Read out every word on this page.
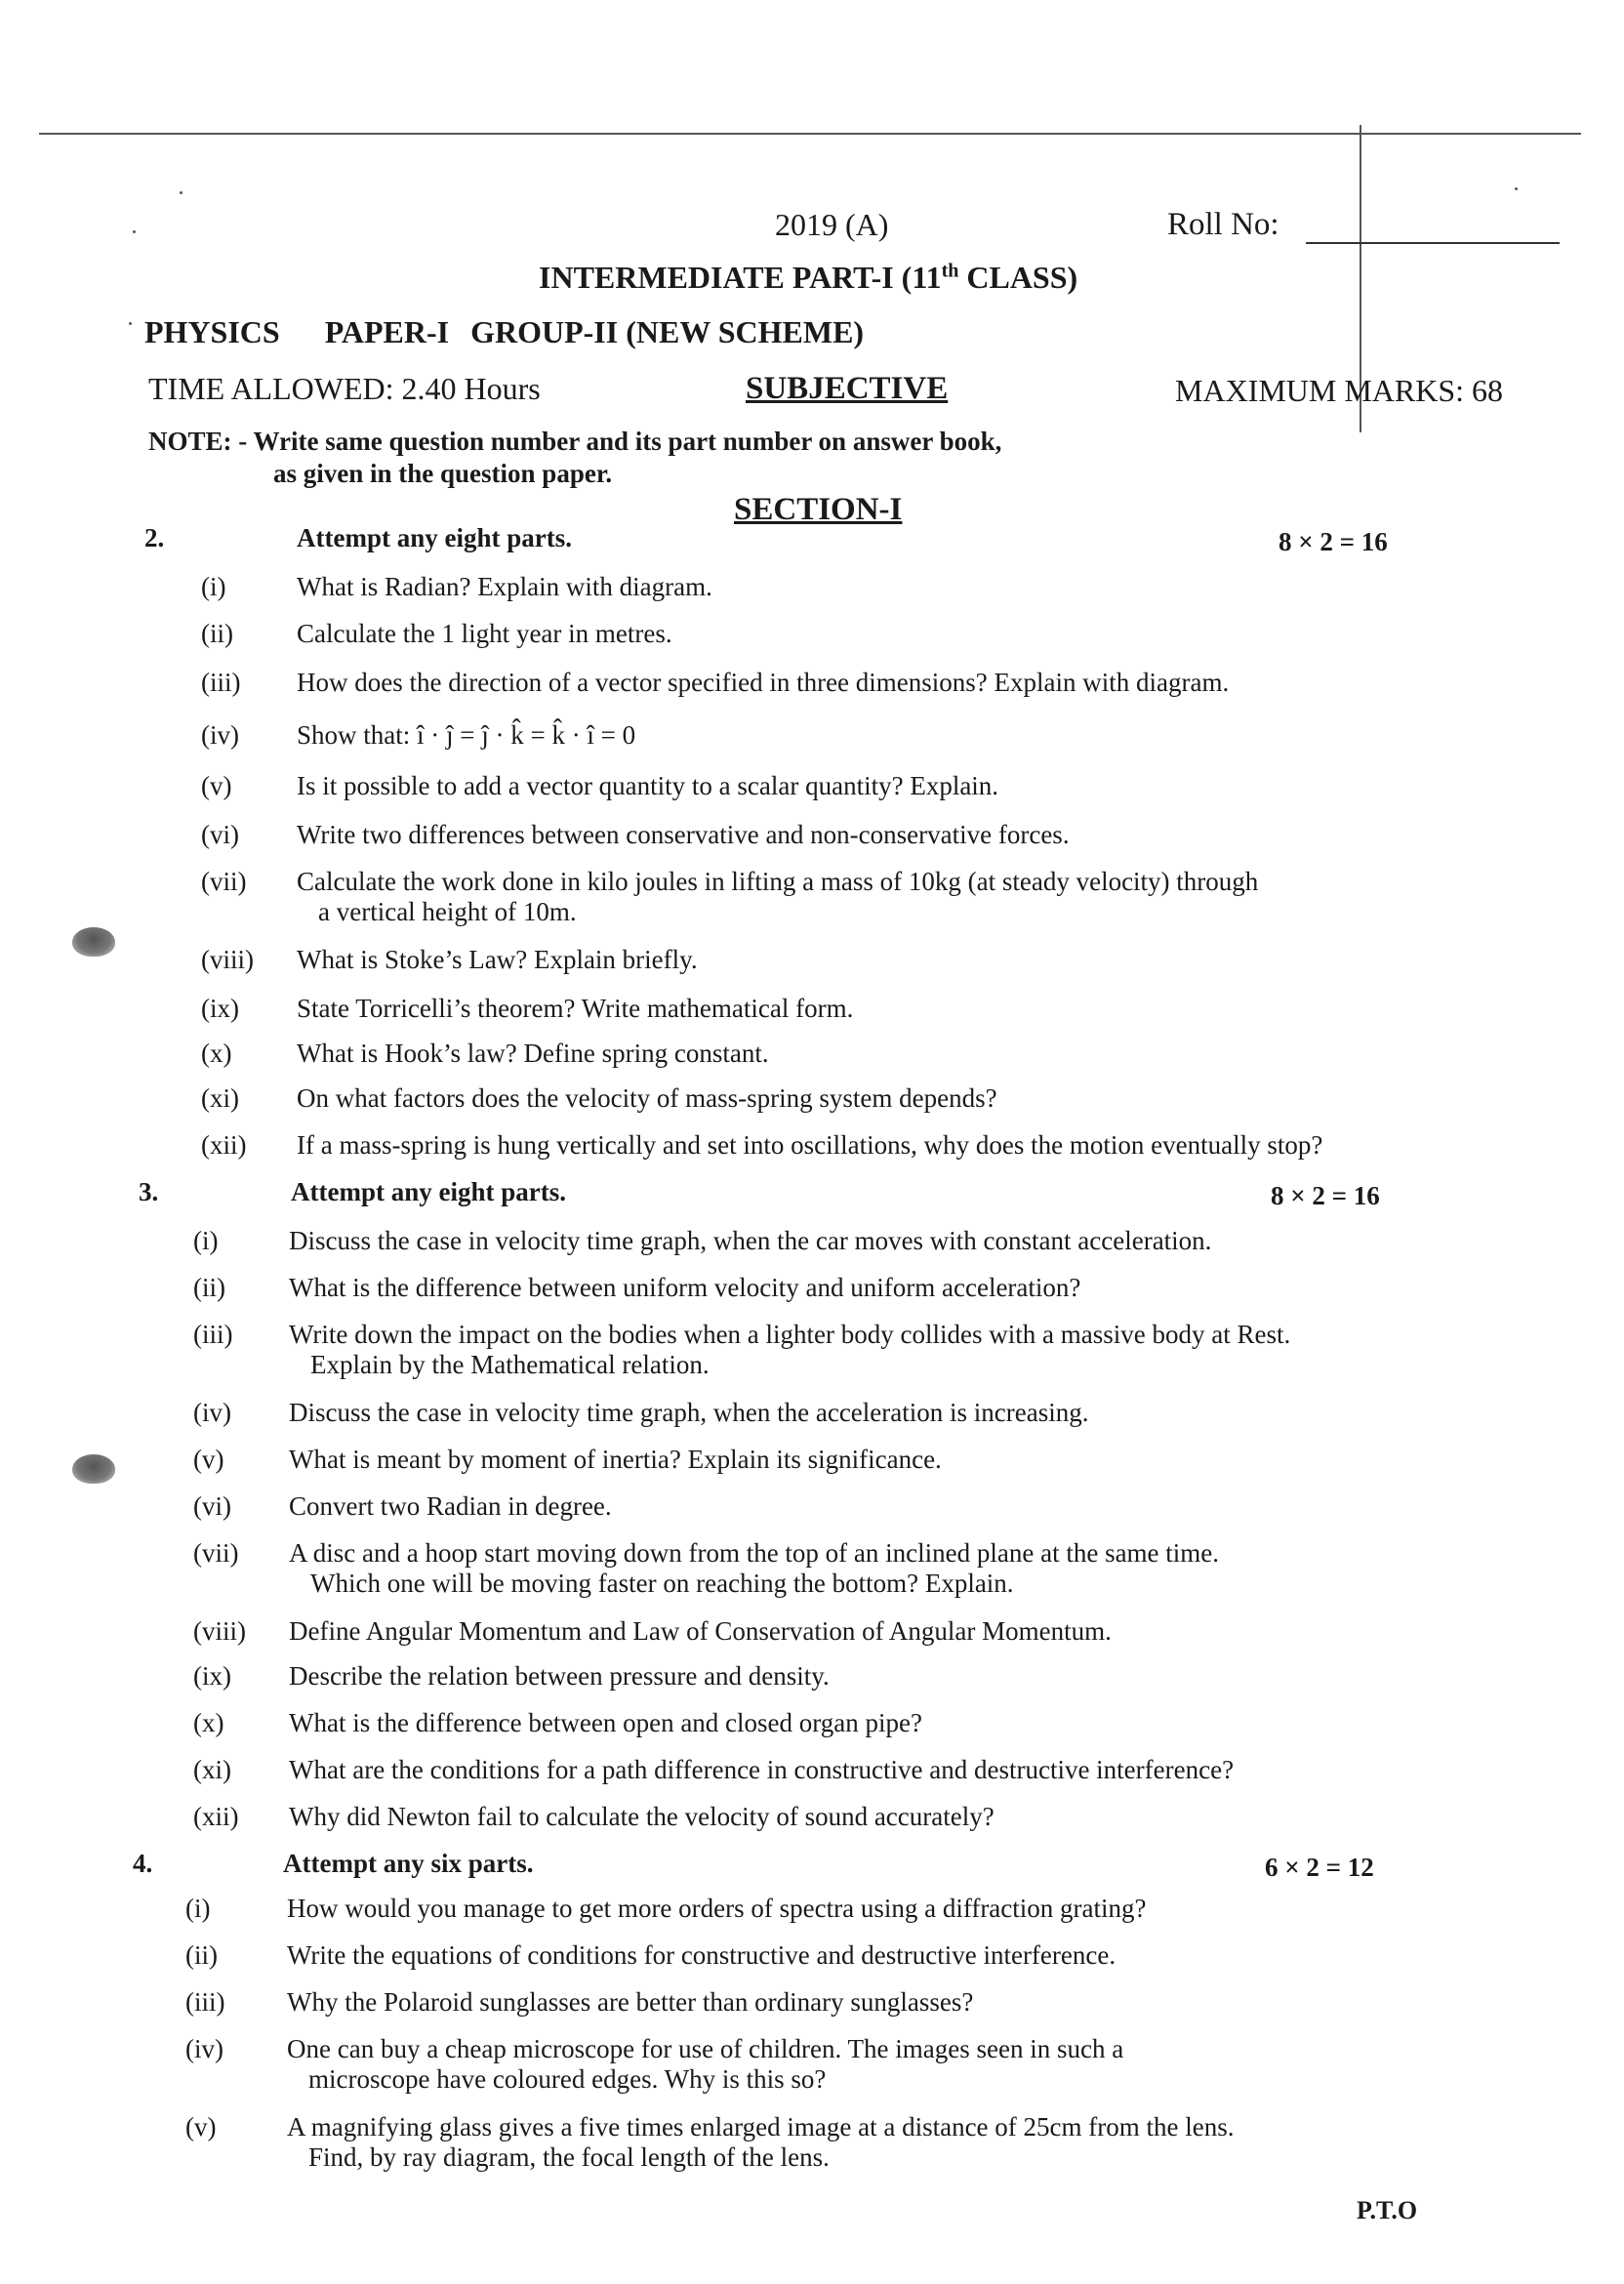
2019 (A)	Roll No:
INTERMEDIATE PART-I (11th CLASS)
PHYSICS PAPER-I GROUP-II (NEW SCHEME)
TIME ALLOWED: 2.40 Hours	SUBJECTIVE	MAXIMUM MARKS: 68
NOTE: - Write same question number and its part number on answer book,
as given in the question paper.
SECTION-I
2.	Attempt any eight parts.	8 × 2 = 16
(i)	What is Radian? Explain with diagram.
(ii) Calculate the 1 light year in metres.
(iii) How does the direction of a vector specified in three dimensions? Explain with diagram.
(iv) Show that: î · ĵ = ĵ · k̂ = k̂ · î = 0
(v) Is it possible to add a vector quantity to a scalar quantity? Explain.
(vi) Write two differences between conservative and non-conservative forces.
(vii) Calculate the work done in kilo joules in lifting a mass of 10kg (at steady velocity) through
a vertical height of 10m.
(viii) What is Stoke’s Law? Explain briefly.
(ix) State Torricelli’s theorem? Write mathematical form.
(x) What is Hook’s law? Define spring constant.
(xi) On what factors does the velocity of mass-spring system depends?
(xii) If a mass-spring is hung vertically and set into oscillations, why does the motion eventually stop?
3.	Attempt any eight parts.	8 × 2 = 16
(i)	Discuss the case in velocity time graph, when the car moves with constant acceleration.
(ii) What is the difference between uniform velocity and uniform acceleration?
(iii) Write down the impact on the bodies when a lighter body collides with a massive body at Rest.
Explain by the Mathematical relation.
(iv) Discuss the case in velocity time graph, when the acceleration is increasing.
(v) What is meant by moment of inertia? Explain its significance.
(vi) Convert two Radian in degree.
(vii) A disc and a hoop start moving down from the top of an inclined plane at the same time.
Which one will be moving faster on reaching the bottom? Explain.
(viii) Define Angular Momentum and Law of Conservation of Angular Momentum.
(ix) Describe the relation between pressure and density.
(x) What is the difference between open and closed organ pipe?
(xi) What are the conditions for a path difference in constructive and destructive interference?
(xii) Why did Newton fail to calculate the velocity of sound accurately?
4.	Attempt any six parts.	6 × 2 = 12
(i)	How would you manage to get more orders of spectra using a diffraction grating?
(ii)	Write the equations of conditions for constructive and destructive interference.
(iii) Why the Polaroid sunglasses are better than ordinary sunglasses?
(iv) One can buy a cheap microscope for use of children. The images seen in such a
microscope have coloured edges. Why is this so?
(v)	A magnifying glass gives a five times enlarged image at a distance of 25cm from the lens.
Find, by ray diagram, the focal length of the lens.
P.T.O
